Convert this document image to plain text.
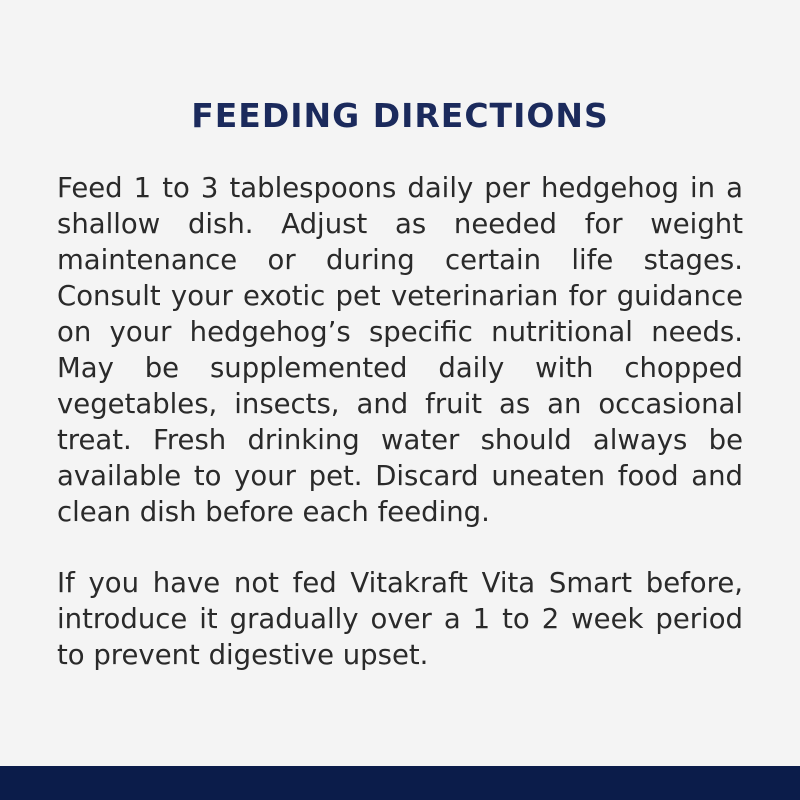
FEEDING DIRECTIONS

Feed 1 to 3 tablespoons daily per hedgehog in a shallow dish. Adjust as needed for weight maintenance or during certain life stages. Consult your exotic pet veterinarian for guidance on your hedgehog’s specific nutritional needs. May be supplemented daily with chopped vegetables, insects, and fruit as an occasional treat. Fresh drinking water should always be available to your pet. Discard uneaten food and clean dish before each feeding.

If you have not fed Vitakraft Vita Smart before, introduce it gradually over a 1 to 2 week period to prevent digestive upset.
